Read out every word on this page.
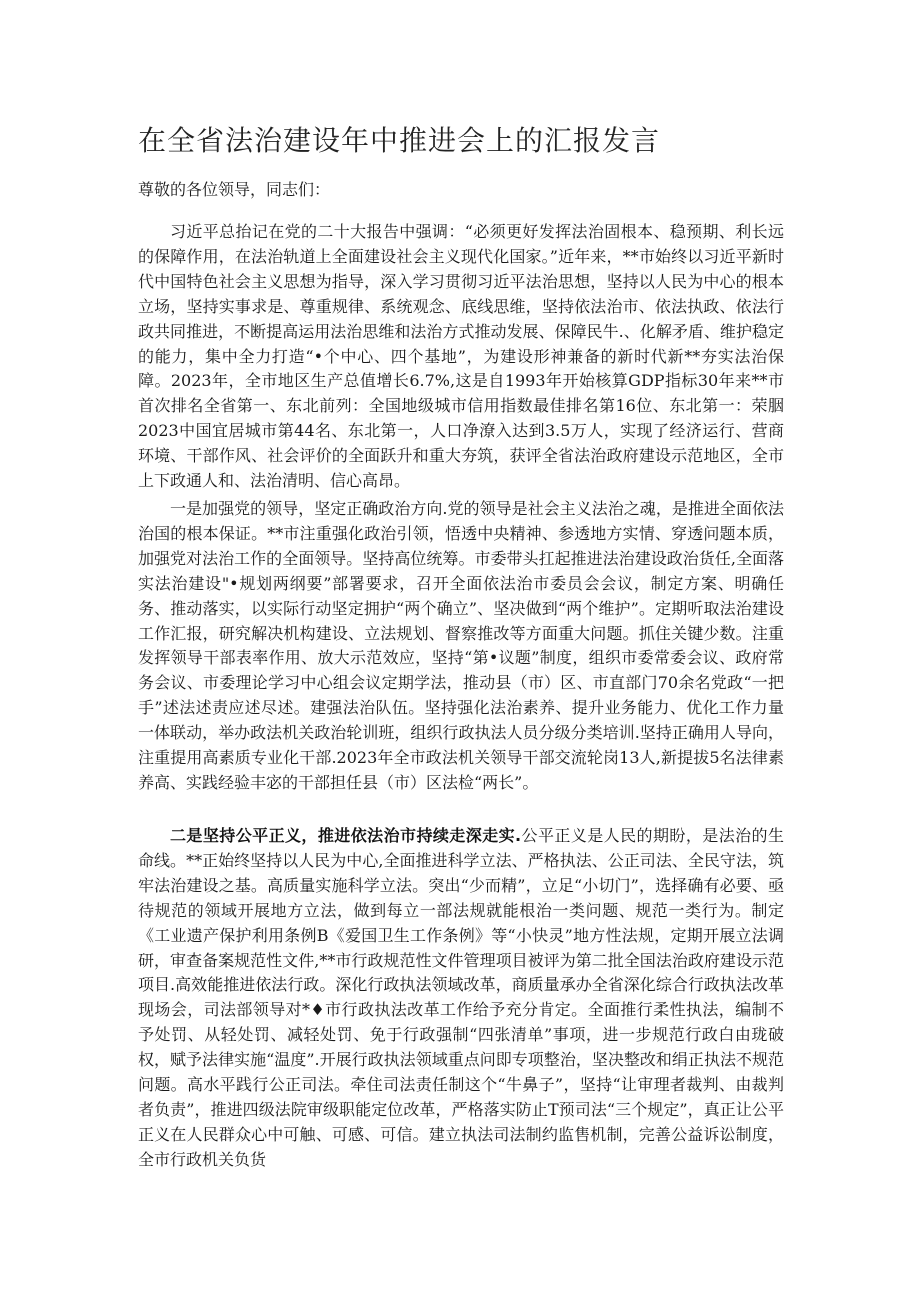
在全省法治建设年中推进会上的汇报发言
尊敬的各位领导，同志们：
习近平总抬记在党的二十大报告中强调：“必须更好发挥法治固根本、稳预期、利长远的保障作用，在法治轨道上全面建设社会主义现代化国家。”近年来，**市始终以习近平新时代中国特色社会主义思想为指导，深入学习贯彻习近平法治思想，坚持以人民为中心的根本立场，坚持实事求是、尊重规律、系统观念、底线思维，坚持依法治市、依法执政、依法行政共同推进，不断提高运用法治思维和法治方式推动发展、保障民牛.、化解矛盾、维护稳定的能力，集中全力打造“•个中心、四个基地”，为建设形神兼备的新时代新**夯实法治保障。2023年，全市地区生产总值增长6.7%,这是自1993年开始核算GDP指标30年来**市首次排名全省第一、东北前列：全国地级城市信用指数最佳排名第16位、东北第一：荣胭2023中国宜居城市第44名、东北第一，人口净潦入达到3.5万人，实现了经济运行、营商环境、干部作风、社会评价的全面跃升和重大夯筑，获评全省法治政府建设示范地区，全市上下政通人和、法治清明、信心高昂。
一是加强党的领导，坚定正确政治方向.党的领导是社会主义法治之魂，是推进全面依法治国的根本保证。**市注重强化政治引领，悟透中央精神、参透地方实情、穿透问题本质，加强党对法治工作的全面领导。坚持高位统筹。市委带头扛起推进法治建设政治货任,全面落实法治建设"•规划两纲要”部署要求，召开全面依法治市委员会会议，制定方案、明确任务、推动落实，以实际行动坚定拥护“两个确立”、坚决做到“两个维护”。定期听取法治建设工作汇报，研究解决机构建设、立法规划、督察推改等方面重大问题。抓住关键少数。注重发挥领导干部表率作用、放大示范效应，坚持“第•议题”制度，组织市委常委会议、政府常务会议、市委理论学习中心组会议定期学法，推动县（市）区、市直部门70余名党政“一把手”述法述责应述尽述。建强法治队伍。坚持强化法治素养、提升业务能力、优化工作力量一体联动，举办政法机关政治轮训班，组织行政执法人员分级分类培训.坚持正确用人导向，注重提用高素质专业化干部.2023年全市政法机关领导干部交流轮岗13人,新提拔5名法律素养高、实践经验丰宓的干部担任县（市）区法检“两长”。
二是坚持公平正义，推进依法治市持续走深走实.公平正义是人民的期盼，是法治的生命线。**正始终坚持以人民为中心,全面推进科学立法、严格执法、公正司法、全民守法，筑牢法治建设之基。高质量实施科学立法。突出“少而精”，立足“小切门”，选择确有必要、亟待规范的领域开展地方立法，做到每立一部法规就能根治一类问题、规范一类行为。制定《工业遗产保护利用条例B《爱国卫生工作条例》等“小快灵”地方性法规，定期开展立法调研，审查备案规范性文件,**市行政规范性文件管理项目被评为第二批全国法治政府建设示范项目.高效能推进依法行政。深化行政执法领域改革，商质量承办全省深化综合行政执法改革现场会，司法部领导对*♦市行政执法改革工作给予充分肯定。全面推行柔性执法，编制不予处罚、从轻处罚、减轻处罚、免于行政强制“四张清单”事项，进一步规范行政白由珑破权，赋予法律实施“温度”.开展行政执法领域重点问即专项整治，坚决整改和绢正执法不规范问题。高水平践行公正司法。牵住司法责任制这个“牛鼻子”，坚持“让审理者裁判、由裁判者负责”，推进四级法院审级职能定位改革，严格落实防止T预司法“三个规定”，真正让公平正义在人民群众心中可触、可感、可信。建立执法司法制约监售机制，完善公益诉讼制度，全市行政机关负货
